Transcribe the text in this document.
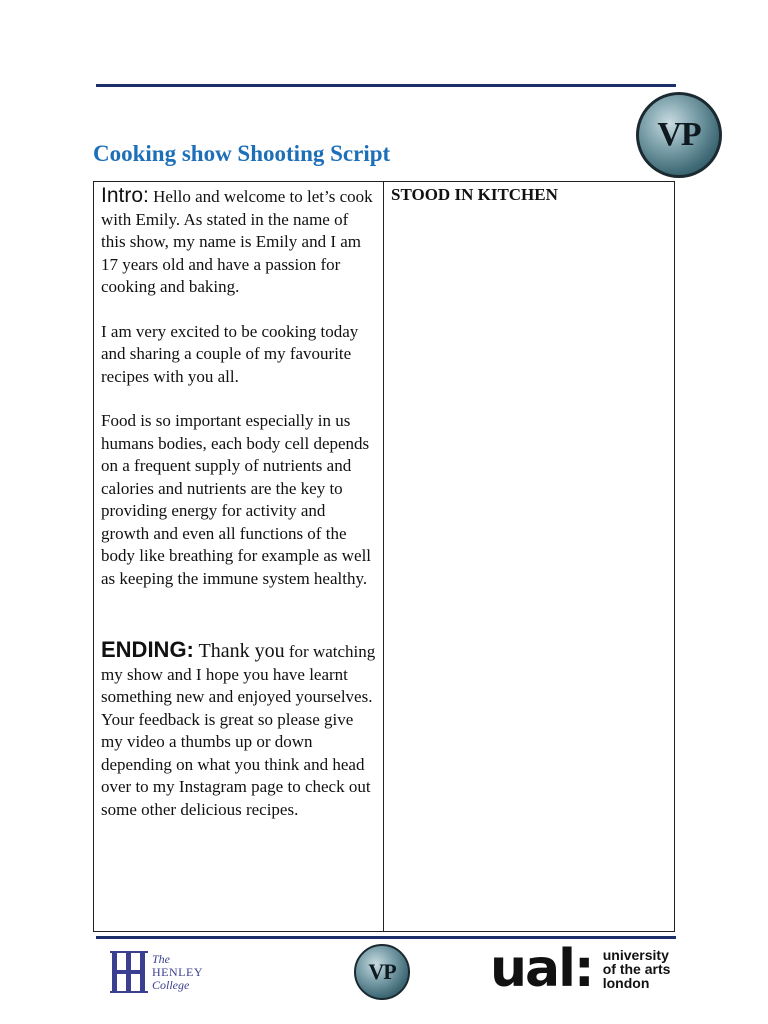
VP
Cooking show Shooting Script

Intro: Hello and welcome to let’s cook with Emily. As stated in the name of this show, my name is Emily and I am 17 years old and have a passion for cooking and baking.

I am very excited to be cooking today and sharing a couple of my favourite recipes with you all.

Food is so important especially in us humans bodies, each body cell depends on a frequent supply of nutrients and calories and nutrients are the key to providing energy for activity and growth and even all functions of the body like breathing for example as well as keeping the immune system healthy.

ENDING: Thank you for watching my show and I hope you have learnt something new and enjoyed yourselves. Your feedback is great so please give my video a thumbs up or down depending on what you think and head over to my Instagram page to check out some other delicious recipes.

STOOD IN KITCHEN
The
HENLEY
College
VP ual: university
of the arts
london
